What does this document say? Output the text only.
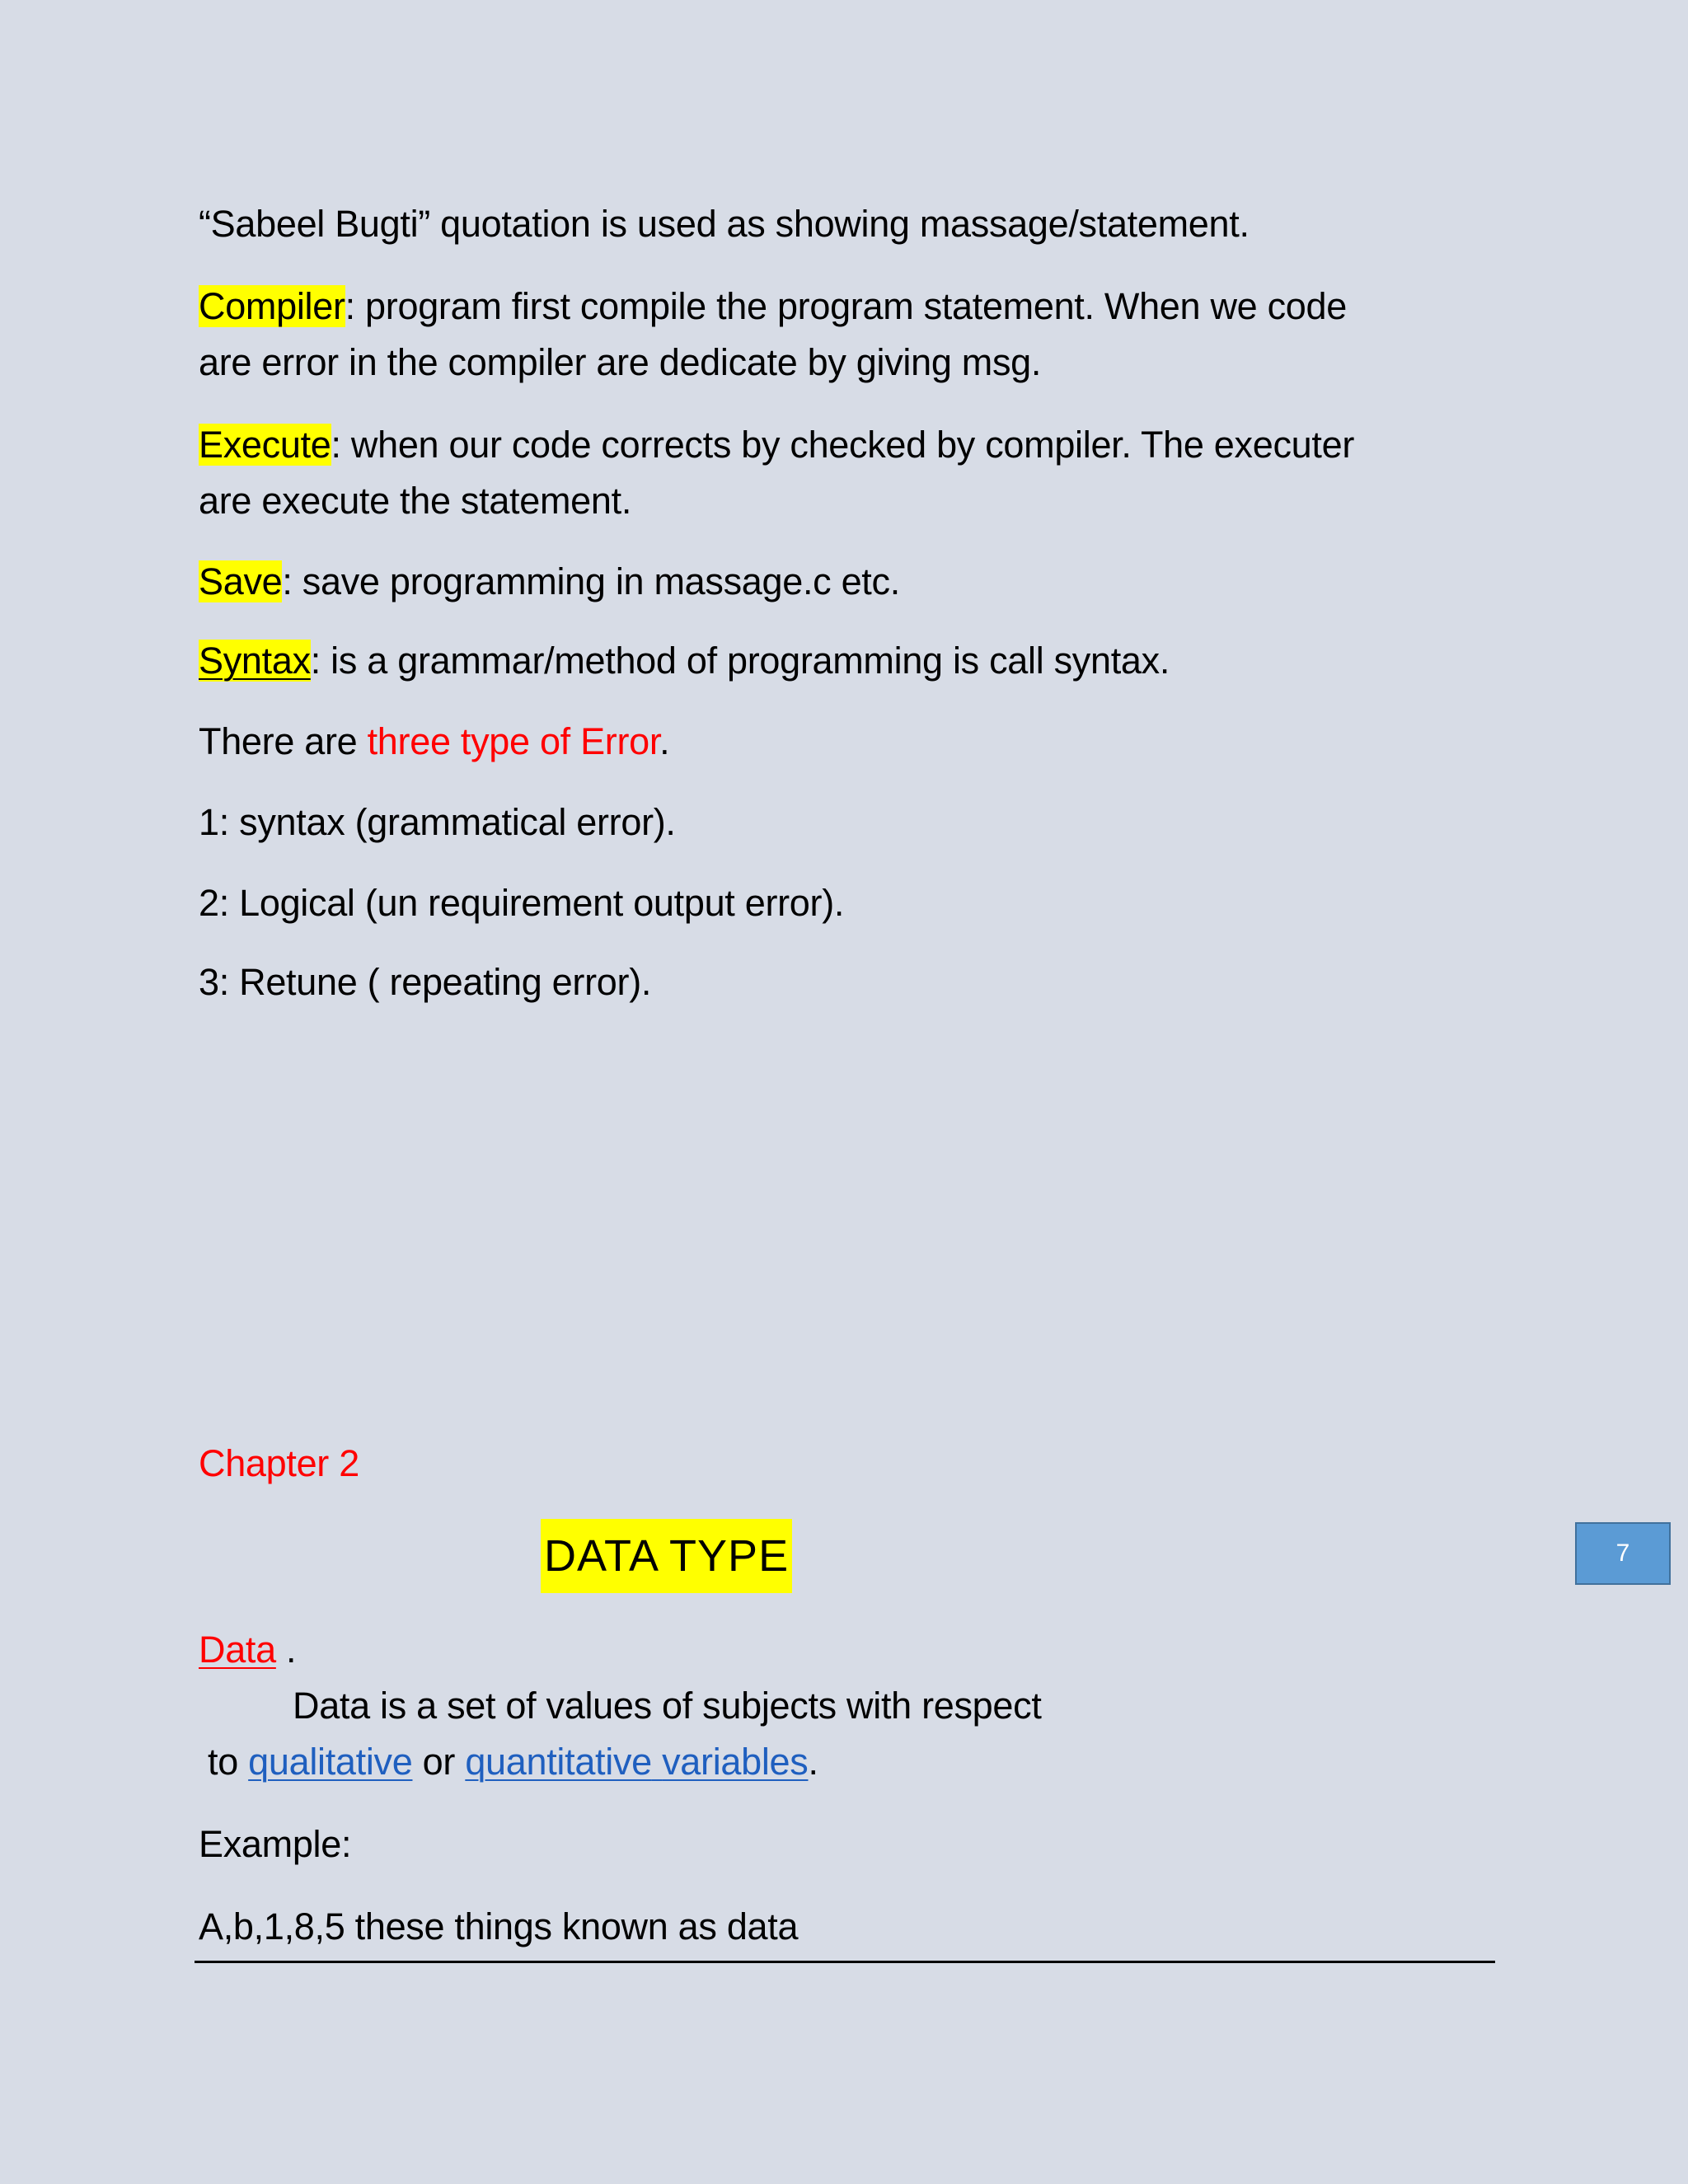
“Sabeel Bugti” quotation is used as showing massage/statement.
Compiler: program first compile the program statement. When we code
are error in the compiler are dedicate by giving msg.
Execute: when our code corrects by checked by compiler. The executer
are execute the statement.
Save: save programming in massage.c etc.
Syntax: is a grammar/method of programming is call syntax.
There are three type of Error.
1: syntax (grammatical error).
2: Logical (un requirement output error).
3: Retune ( repeating error).
Chapter 2
DATA TYPE	7
Data .
Data is a set of values of subjects with respect
to qualitative or quantitative variables.
Example:
A,b,1,8,5 these things known as data
